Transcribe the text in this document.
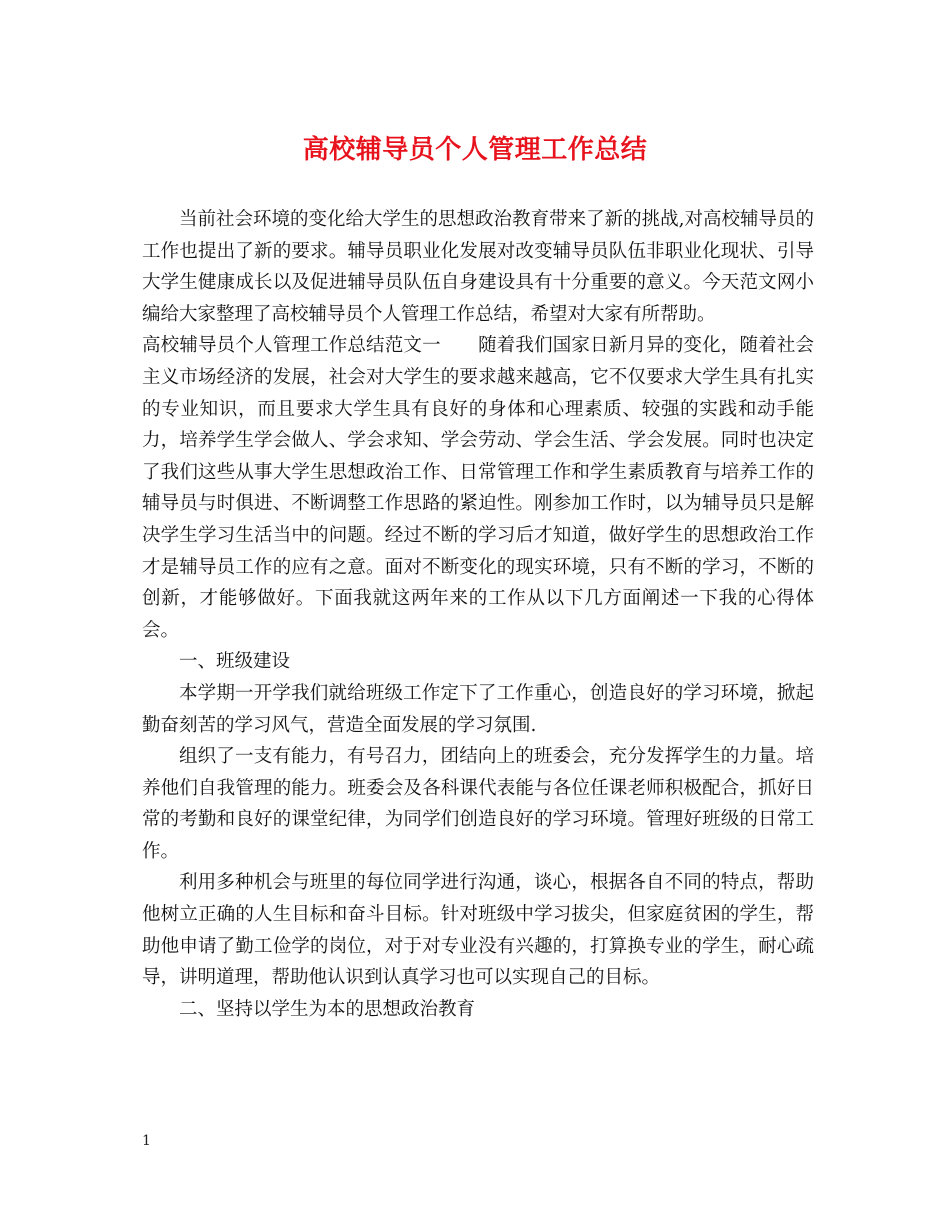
高校辅导员个人管理工作总结

当前社会环境的变化给大学生的思想政治教育带来了新的挑战,对高校辅导员的工作也提出了新的要求。辅导员职业化发展对改变辅导员队伍非职业化现状、引导大学生健康成长以及促进辅导员队伍自身建设具有十分重要的意义。今天范文网小编给大家整理了高校辅导员个人管理工作总结，希望对大家有所帮助。

高校辅导员个人管理工作总结范文一　　随着我们国家日新月异的变化，随着社会主义市场经济的发展，社会对大学生的要求越来越高，它不仅要求大学生具有扎实的专业知识，而且要求大学生具有良好的身体和心理素质、较强的实践和动手能力，培养学生学会做人、学会求知、学会劳动、学会生活、学会发展。同时也决定了我们这些从事大学生思想政治工作、日常管理工作和学生素质教育与培养工作的辅导员与时俱进、不断调整工作思路的紧迫性。刚参加工作时，以为辅导员只是解决学生学习生活当中的问题。经过不断的学习后才知道，做好学生的思想政治工作才是辅导员工作的应有之意。面对不断变化的现实环境，只有不断的学习，不断的创新，才能够做好。下面我就这两年来的工作从以下几方面阐述一下我的心得体会。

一、班级建设

本学期一开学我们就给班级工作定下了工作重心，创造良好的学习环境，掀起勤奋刻苦的学习风气，营造全面发展的学习氛围.

组织了一支有能力，有号召力，团结向上的班委会，充分发挥学生的力量。培养他们自我管理的能力。班委会及各科课代表能与各位任课老师积极配合，抓好日常的考勤和良好的课堂纪律，为同学们创造良好的学习环境。管理好班级的日常工作。

利用多种机会与班里的每位同学进行沟通，谈心，根据各自不同的特点，帮助他树立正确的人生目标和奋斗目标。针对班级中学习拔尖，但家庭贫困的学生，帮助他申请了勤工俭学的岗位，对于对专业没有兴趣的，打算换专业的学生，耐心疏导，讲明道理，帮助他认识到认真学习也可以实现自己的目标。

二、坚持以学生为本的思想政治教育

1
